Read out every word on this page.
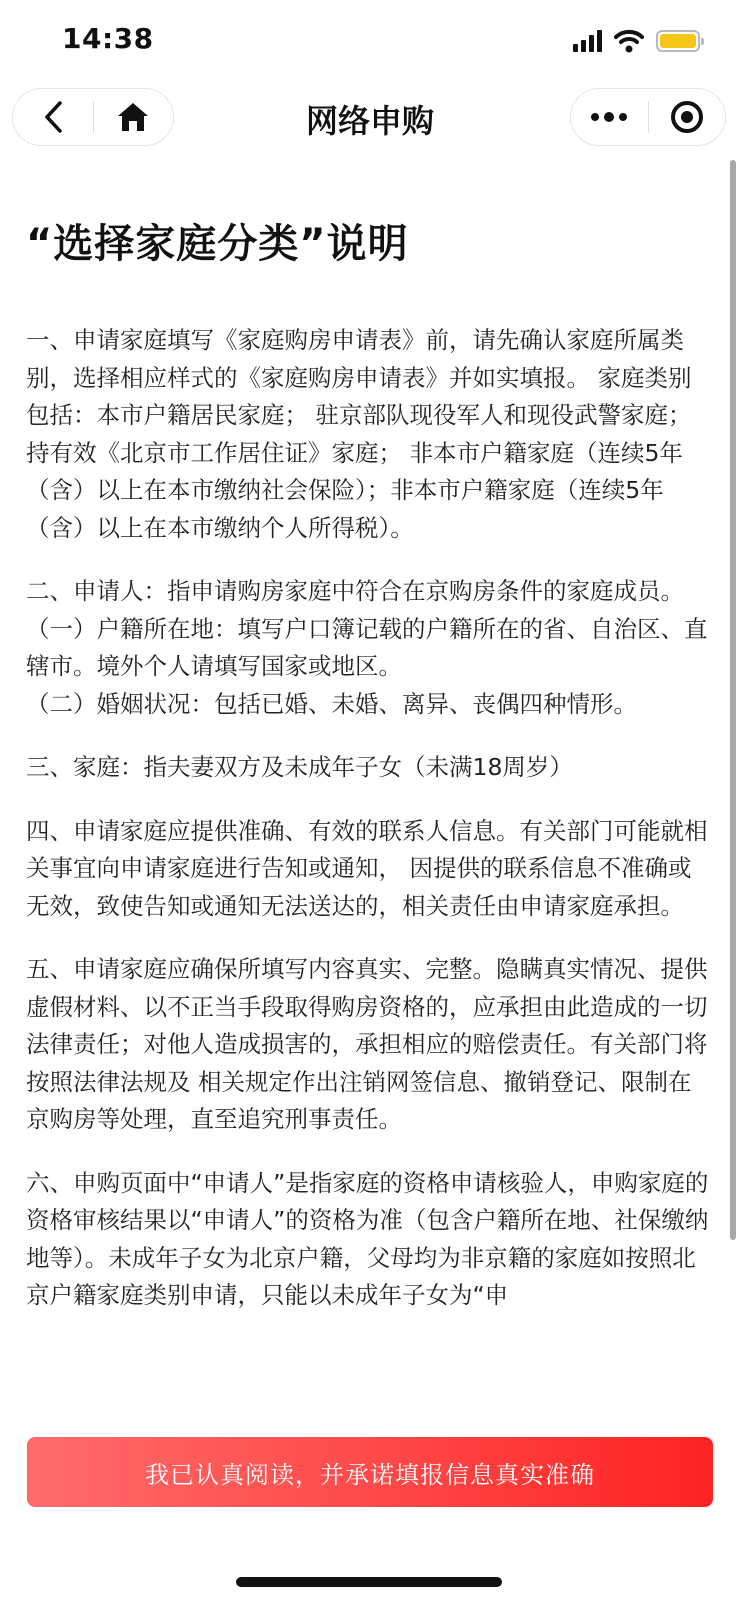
14:38
网络申购
“选择家庭分类”说明

一、申请家庭填写《家庭购房申请表》前，请先确认家庭所属类别，选择相应样式的《家庭购房申请表》并如实填报。 家庭类别包括：本市户籍居民家庭； 驻京部队现役军人和现役武警家庭； 持有效《北京市工作居住证》家庭； 非本市户籍家庭（连续5年（含）以上在本市缴纳社会保险）；非本市户籍家庭（连续5年（含）以上在本市缴纳个人所得税）。

二、申请人：指申请购房家庭中符合在京购房条件的家庭成员。
（一）户籍所在地：填写户口簿记载的户籍所在的省、自治区、直辖市。境外个人请填写国家或地区。
（二）婚姻状况：包括已婚、未婚、离异、丧偶四种情形。

三、家庭：指夫妻双方及未成年子女（未满18周岁）

四、申请家庭应提供准确、有效的联系人信息。有关部门可能就相关事宜向申请家庭进行告知或通知， 因提供的联系信息不准确或无效，致使告知或通知无法送达的，相关责任由申请家庭承担。

五、申请家庭应确保所填写内容真实、完整。隐瞒真实情况、提供虚假材料、以不正当手段取得购房资格的，应承担由此造成的一切法律责任；对他人造成损害的，承担相应的赔偿责任。有关部门将按照法律法规及 相关规定作出注销网签信息、撤销登记、限制在京购房等处理，直至追究刑事责任。

六、申购页面中“申请人”是指家庭的资格申请核验人，申购家庭的资格审核结果以“申请人”的资格为准（包含户籍所在地、社保缴纳地等）。未成年子女为北京户籍，父母均为非京籍的家庭如按照北京户籍家庭类别申请，只能以未成年子女为“申

我已认真阅读，并承诺填报信息真实准确
